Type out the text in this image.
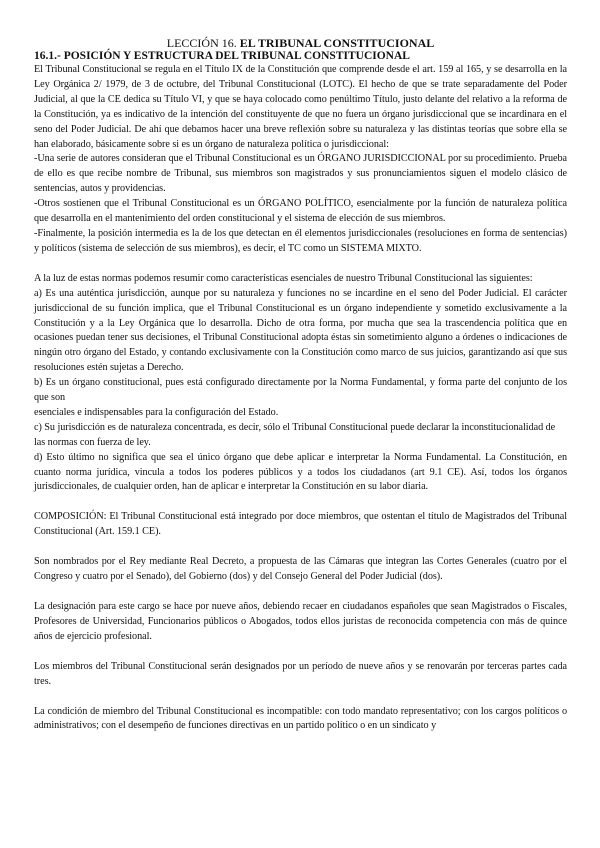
LECCIÓN 16. EL TRIBUNAL CONSTITUCIONAL
16.1.- POSICIÓN Y ESTRUCTURA DEL TRIBUNAL CONSTITUCIONAL

El Tribunal Constitucional se regula en el Título IX de la Constitución que comprende desde el art. 159 al 165, y se desarrolla en la Ley Orgánica 2/ 1979, de 3 de octubre, del Tribunal Constitucional (LOTC). El hecho de que se trate separadamente del Poder Judicial, al que la CE dedica su Título VI, y que se haya colocado como penúltimo Título, justo delante del relativo a la reforma de la Constitución, ya es indicativo de la intención del constituyente de que no fuera un órgano jurisdiccional que se incardinara en el seno del Poder Judicial. De ahí que debamos hacer una breve reflexión sobre su naturaleza y las distintas teorías que sobre ella se han elaborado, básicamente sobre si es un órgano de naturaleza política o jurisdiccional:

-Una serie de autores consideran que el Tribunal Constitucional es un ÓRGANO JURISDICCIONAL por su procedimiento. Prueba de ello es que recibe nombre de Tribunal, sus miembros son magistrados y sus pronunciamientos siguen el modelo clásico de sentencias, autos y providencias.

-Otros sostienen que el Tribunal Constitucional es un ÓRGANO POLÍTICO, esencialmente por la función de naturaleza política que desarrolla en el mantenimiento del orden constitucional y el sistema de elección de sus miembros.

-Finalmente, la posición intermedia es la de los que detectan en él elementos jurisdiccionales (resoluciones en forma de sentencias) y políticos (sistema de selección de sus miembros), es decir, el TC como un SISTEMA MIXTO.

A la luz de estas normas podemos resumir como características esenciales de nuestro Tribunal Constitucional las siguientes:

a) Es una auténtica jurisdicción, aunque por su naturaleza y funciones no se incardine en el seno del Poder Judicial. El carácter jurisdiccional de su función implica, que el Tribunal Constitucional es un órgano independiente y sometido exclusivamente a la Constitución y a la Ley Orgánica que lo desarrolla. Dicho de otra forma, por mucha que sea la trascendencia política que en ocasiones puedan tener sus decisiones, el Tribunal Constitucional adopta éstas sin sometimiento alguno a órdenes o indicaciones de ningún otro órgano del Estado, y contando exclusivamente con la Constitución como marco de sus juicios, garantizando así que sus resoluciones estén sujetas a Derecho.

b) Es un órgano constitucional, pues está configurado directamente por la Norma Fundamental, y forma parte del conjunto de los que son

esenciales e indispensables para la configuración del Estado.

c) Su jurisdicción es de naturaleza concentrada, es decir, sólo el Tribunal Constitucional puede declarar la inconstitucionalidad de

las normas con fuerza de ley.

d) Esto último no significa que sea el único órgano que debe aplicar e interpretar la Norma Fundamental. La Constitución, en cuanto norma jurídica, vincula a todos los poderes públicos y a todos los ciudadanos (art 9.1 CE). Así, todos los órganos jurisdiccionales, de cualquier orden, han de aplicar e interpretar la Constitución en su labor diaria.

COMPOSICIÓN: El Tribunal Constitucional está integrado por doce miembros, que ostentan el título de Magistrados del Tribunal Constitucional (Art. 159.1 CE).

Son nombrados por el Rey mediante Real Decreto, a propuesta de las Cámaras que integran las Cortes Generales (cuatro por el Congreso y cuatro por el Senado), del Gobierno (dos) y del Consejo General del Poder Judicial (dos).

La designación para este cargo se hace por nueve años, debiendo recaer en ciudadanos españoles que sean Magistrados o Fiscales, Profesores de Universidad, Funcionarios públicos o Abogados, todos ellos juristas de reconocida competencia con más de quince años de ejercicio profesional.

Los miembros del Tribunal Constitucional serán designados por un período de nueve años y se renovarán por terceras partes cada tres.

La condición de miembro del Tribunal Constitucional es incompatible: con todo mandato representativo; con los cargos políticos o administrativos; con el desempeño de funciones directivas en un partido político o en un sindicato y
